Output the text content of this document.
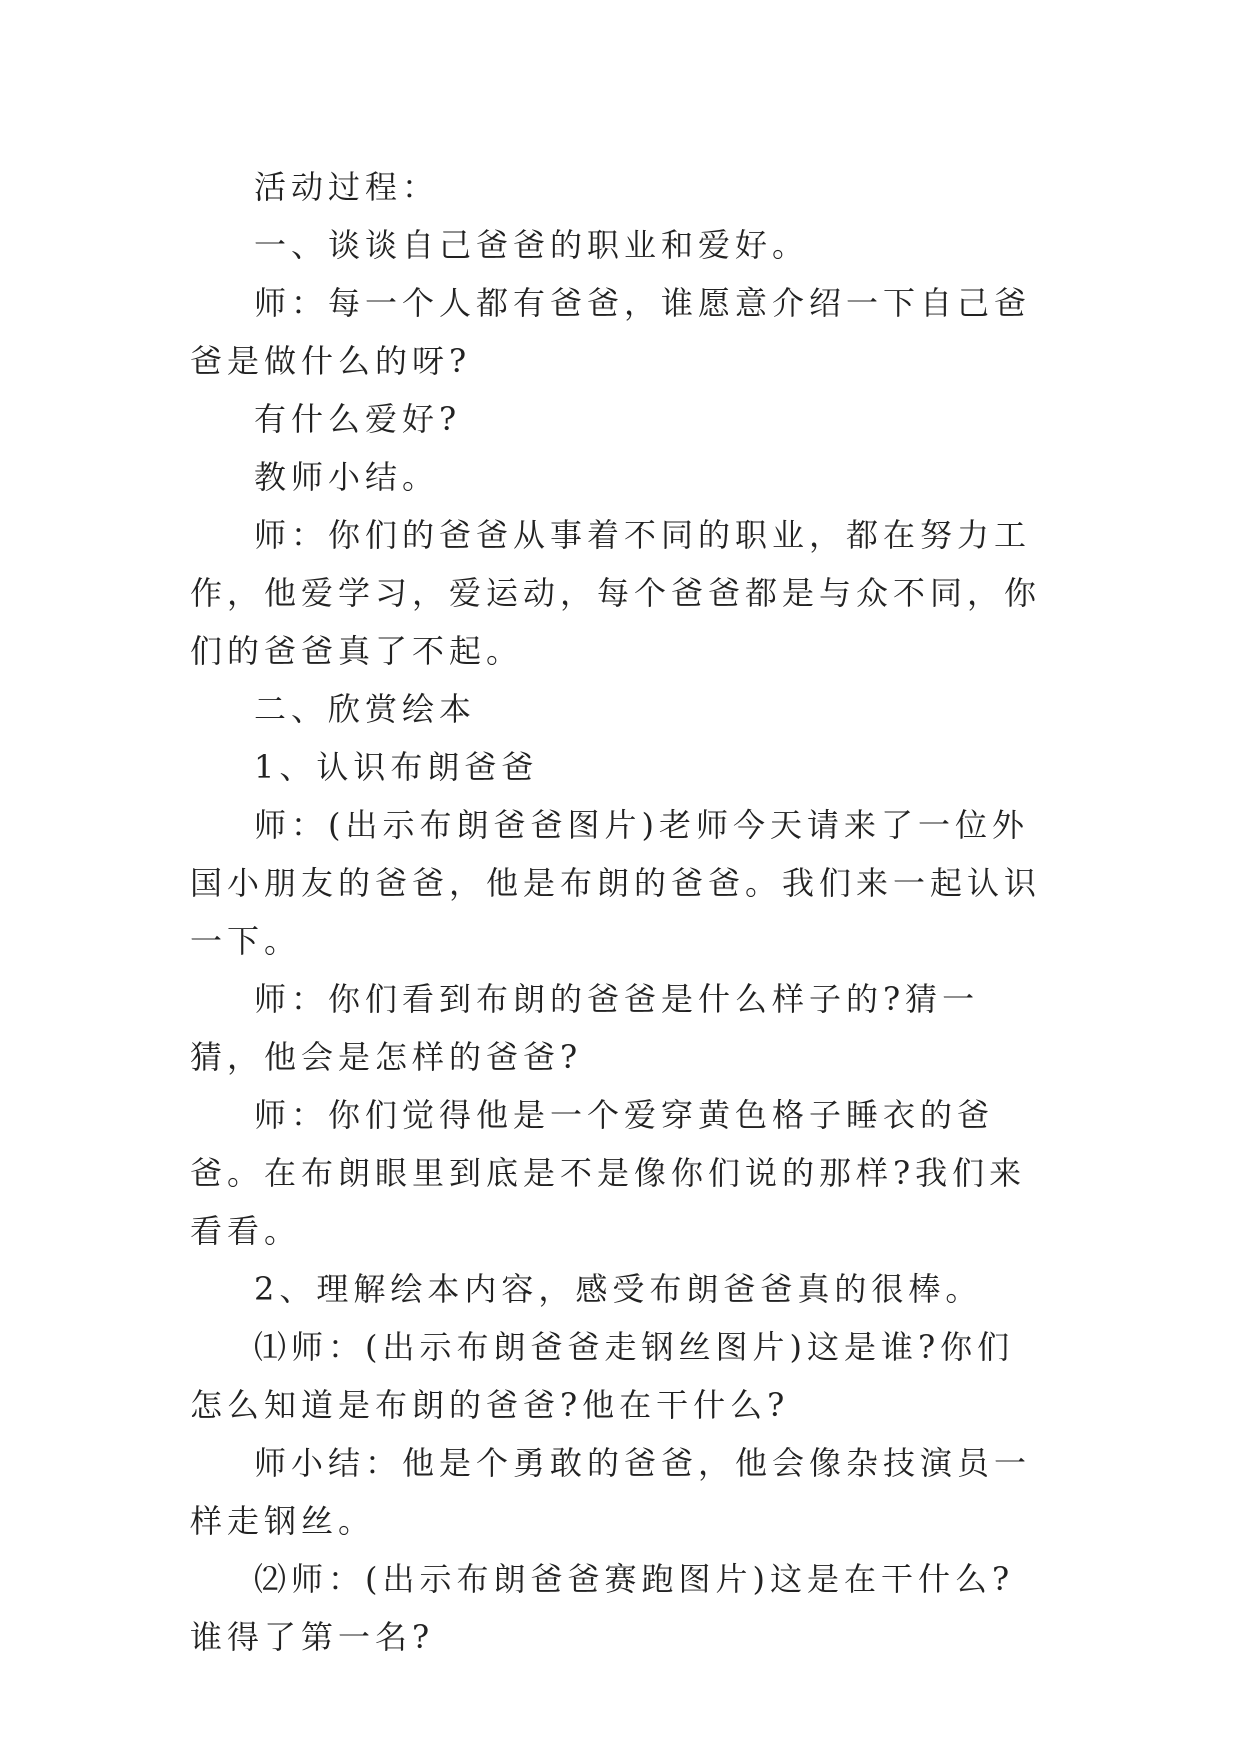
活动过程：

一、谈谈自己爸爸的职业和爱好。

师：每一个人都有爸爸，谁愿意介绍一下自己爸爸是做什么的呀?

有什么爱好?

教师小结。

师：你们的爸爸从事着不同的职业，都在努力工作，他爱学习，爱运动，每个爸爸都是与众不同，你们的爸爸真了不起。

二、欣赏绘本

1、认识布朗爸爸

师：(出示布朗爸爸图片)老师今天请来了一位外国小朋友的爸爸，他是布朗的爸爸。我们来一起认识一下。

师：你们看到布朗的爸爸是什么样子的?猜一猜，他会是怎样的爸爸?

师：你们觉得他是一个爱穿黄色格子睡衣的爸爸。在布朗眼里到底是不是像你们说的那样?我们来看看。

2、理解绘本内容，感受布朗爸爸真的很棒。

⑴师：(出示布朗爸爸走钢丝图片)这是谁?你们怎么知道是布朗的爸爸?他在干什么?

师小结：他是个勇敢的爸爸，他会像杂技演员一样走钢丝。

⑵师：(出示布朗爸爸赛跑图片)这是在干什么?谁得了第一名?
